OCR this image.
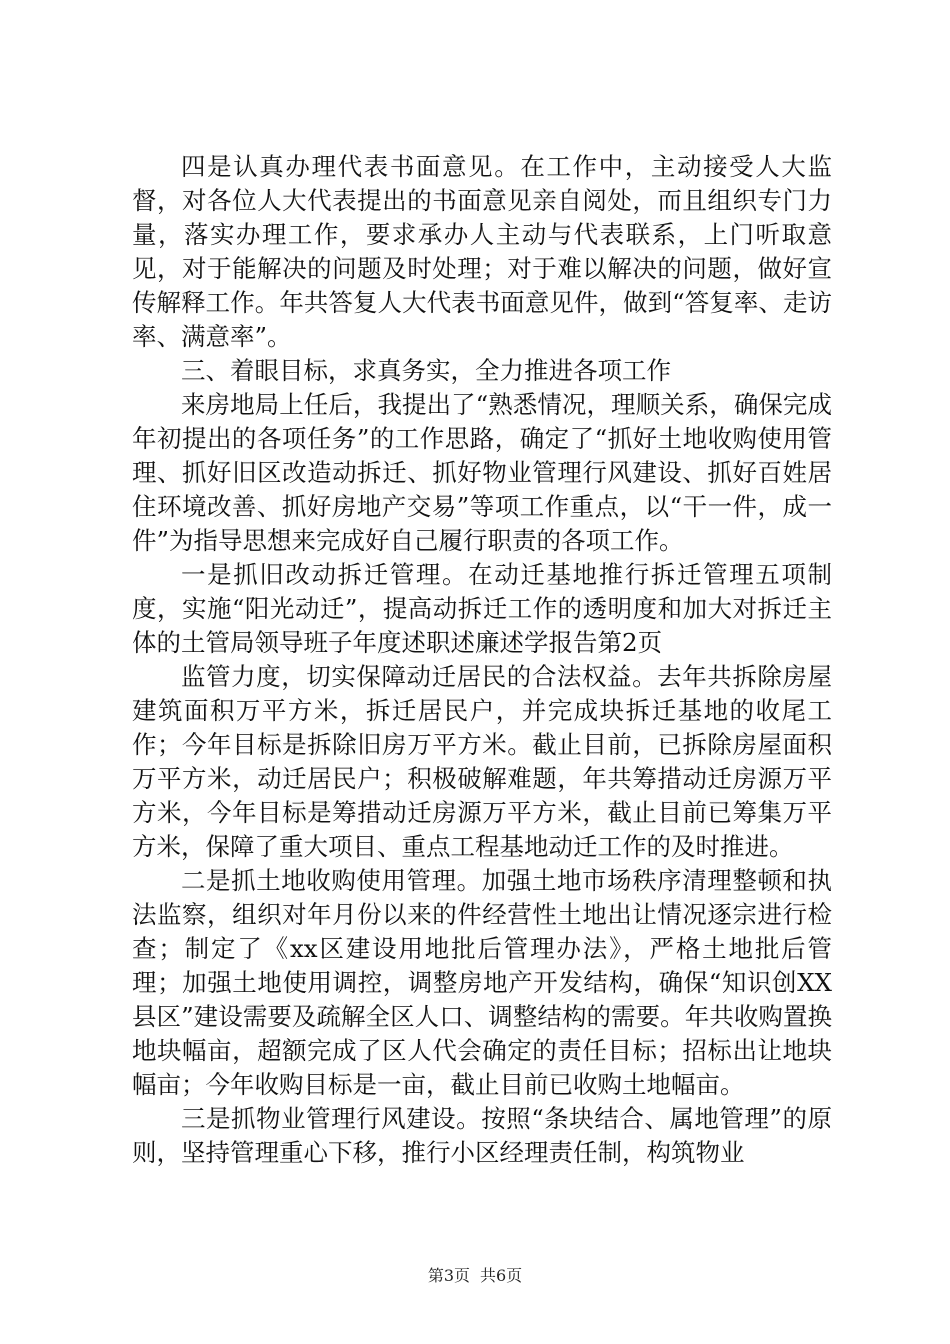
四是认真办理代表书面意见。在工作中，主动接受人大监督，对各位人大代表提出的书面意见亲自阅处，而且组织专门力量，落实办理工作，要求承办人主动与代表联系，上门听取意见，对于能解决的问题及时处理；对于难以解决的问题，做好宣传解释工作。年共答复人大代表书面意见件，做到“答复率、走访率、满意率”。

三、着眼目标，求真务实，全力推进各项工作

来房地局上任后，我提出了“熟悉情况，理顺关系，确保完成年初提出的各项任务”的工作思路，确定了“抓好土地收购使用管理、抓好旧区改造动拆迁、抓好物业管理行风建设、抓好百姓居住环境改善、抓好房地产交易”等项工作重点，以“干一件，成一件”为指导思想来完成好自己履行职责的各项工作。

一是抓旧改动拆迁管理。在动迁基地推行拆迁管理五项制度，实施“阳光动迁”，提高动拆迁工作的透明度和加大对拆迁主体的土管局领导班子年度述职述廉述学报告第2页

监管力度，切实保障动迁居民的合法权益。去年共拆除房屋建筑面积万平方米，拆迁居民户，并完成块拆迁基地的收尾工作；今年目标是拆除旧房万平方米。截止目前，已拆除房屋面积万平方米，动迁居民户；积极破解难题，年共筹措动迁房源万平方米，今年目标是筹措动迁房源万平方米，截止目前已筹集万平方米，保障了重大项目、重点工程基地动迁工作的及时推进。

二是抓土地收购使用管理。加强土地市场秩序清理整顿和执法监察，组织对年月份以来的件经营性土地出让情况逐宗进行检查；制定了《xx区建设用地批后管理办法》，严格土地批后管理；加强土地使用调控，调整房地产开发结构，确保“知识创XX县区”建设需要及疏解全区人口、调整结构的需要。年共收购置换地块幅亩，超额完成了区人代会确定的责任目标；招标出让地块幅亩；今年收购目标是一亩，截止目前已收购土地幅亩。

三是抓物业管理行风建设。按照“条块结合、属地管理”的原则，坚持管理重心下移，推行小区经理责任制，构筑物业

第3页 共6页
